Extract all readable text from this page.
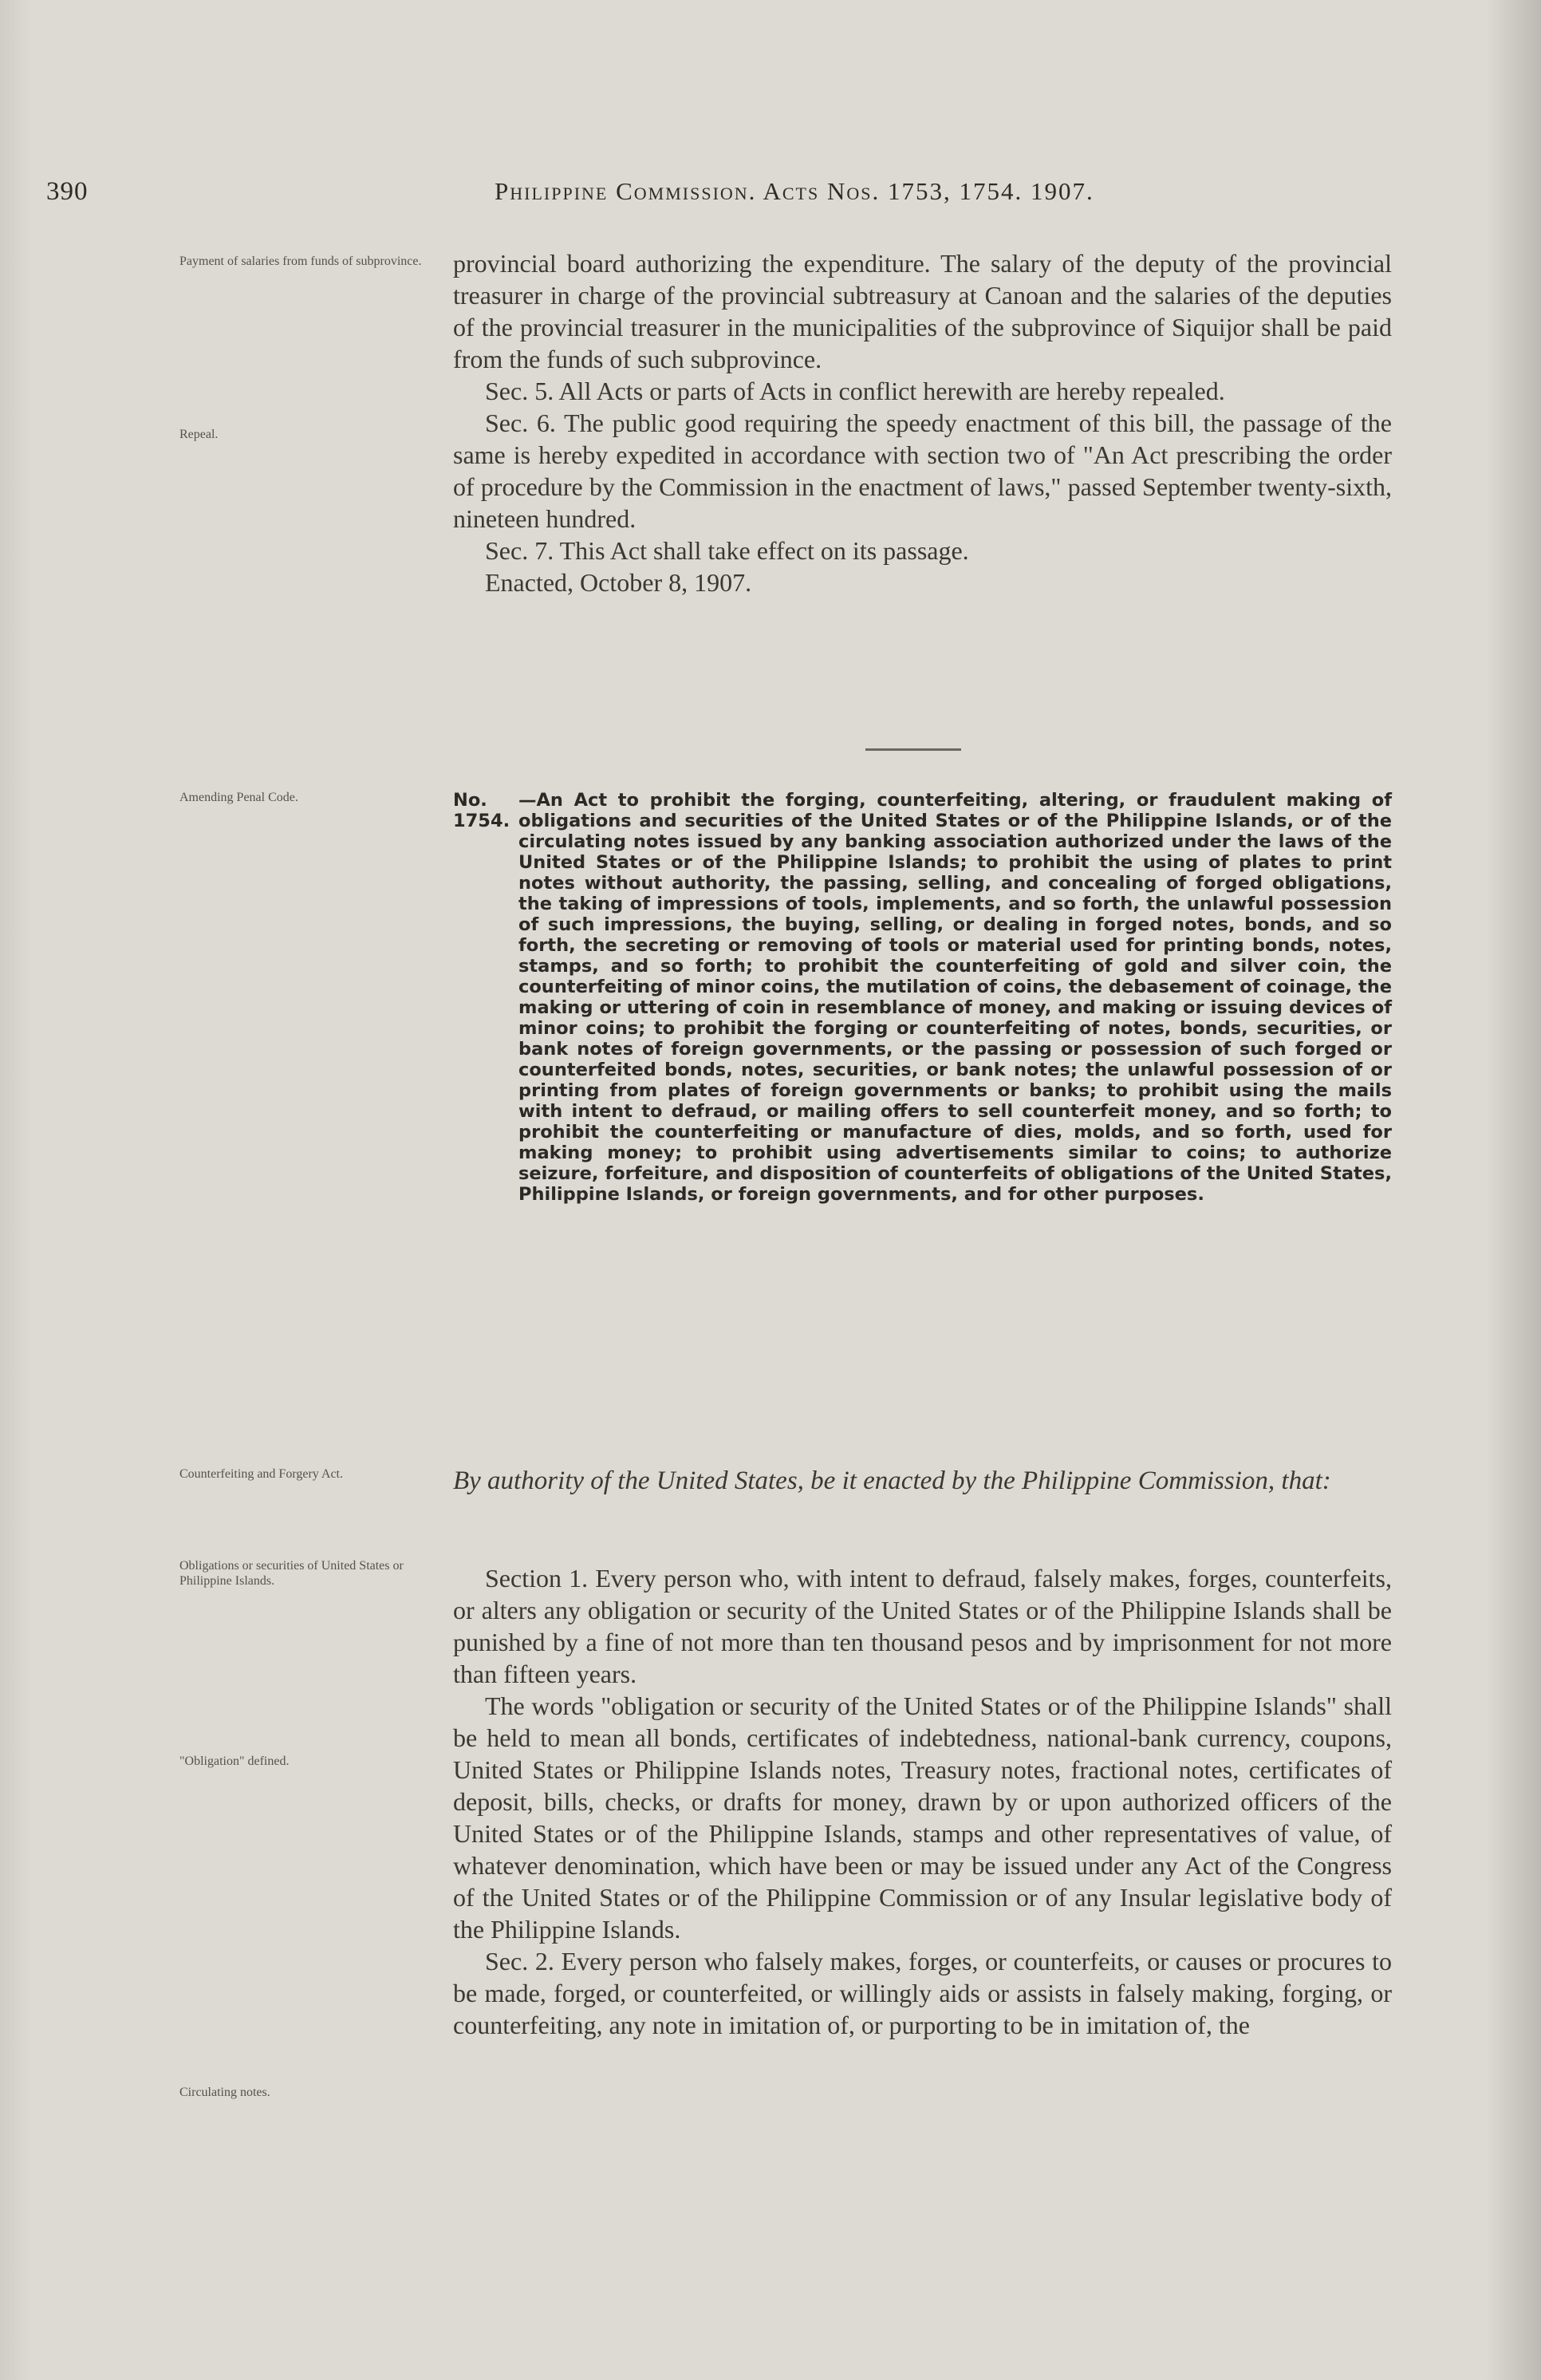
390	Philippine Commission. Acts Nos. 1753, 1754. 1907.
Payment of salaries from funds of subprovince.
Repeal.
Amending Penal Code.
Counterfeiting and Forgery Act.
Obligations or securities of United States or Philippine Islands.
"Obligation" defined.
Circulating notes.

provincial board authorizing the expenditure. The salary of the deputy of the provincial treasurer in charge of the provincial subtreasury at Canoan and the salaries of the deputies of the provincial treasurer in the municipalities of the subprovince of Siquijor shall be paid from the funds of such subprovince.

Sec. 5. All Acts or parts of Acts in conflict herewith are hereby repealed.

Sec. 6. The public good requiring the speedy enactment of this bill, the passage of the same is hereby expedited in accordance with section two of "An Act prescribing the order of procedure by the Commission in the enactment of laws," passed September twenty-sixth, nineteen hundred.

Sec. 7. This Act shall take effect on its passage.

Enacted, October 8, 1907.

No. 1754.
—An Act to prohibit the forging, counterfeiting, altering, or fraudulent making of obligations and securities of the United States or of the Philippine Islands, or of the circulating notes issued by any banking association authorized under the laws of the United States or of the Philippine Islands; to prohibit the using of plates to print notes without authority, the passing, selling, and concealing of forged obligations, the taking of impressions of tools, implements, and so forth, the unlawful possession of such impressions, the buying, selling, or dealing in forged notes, bonds, and so forth, the secreting or removing of tools or material used for printing bonds, notes, stamps, and so forth; to prohibit the counterfeiting of gold and silver coin, the counterfeiting of minor coins, the mutilation of coins, the debasement of coinage, the making or uttering of coin in resemblance of money, and making or issuing devices of minor coins; to prohibit the forging or counterfeiting of notes, bonds, securities, or bank notes of foreign governments, or the passing or possession of such forged or counterfeited bonds, notes, securities, or bank notes; the unlawful possession of or printing from plates of foreign governments or banks; to prohibit using the mails with intent to defraud, or mailing offers to sell counterfeit money, and so forth; to prohibit the counterfeiting or manufacture of dies, molds, and so forth, used for making money; to prohibit using advertisements similar to coins; to authorize seizure, forfeiture, and disposition of counterfeits of obligations of the United States, Philippine Islands, or foreign governments, and for other purposes.
By authority of the United States, be it enacted by the Philippine Commission, that:

Section 1. Every person who, with intent to defraud, falsely makes, forges, counterfeits, or alters any obligation or security of the United States or of the Philippine Islands shall be punished by a fine of not more than ten thousand pesos and by imprisonment for not more than fifteen years.

The words "obligation or security of the United States or of the Philippine Islands" shall be held to mean all bonds, certificates of indebtedness, national-bank currency, coupons, United States or Philippine Islands notes, Treasury notes, fractional notes, certificates of deposit, bills, checks, or drafts for money, drawn by or upon authorized officers of the United States or of the Philippine Islands, stamps and other representatives of value, of whatever denomination, which have been or may be issued under any Act of the Congress of the United States or of the Philippine Commission or of any Insular legislative body of the Philippine Islands.

Sec. 2. Every person who falsely makes, forges, or counterfeits, or causes or procures to be made, forged, or counterfeited, or willingly aids or assists in falsely making, forging, or counterfeiting, any note in imitation of, or purporting to be in imitation of, the
